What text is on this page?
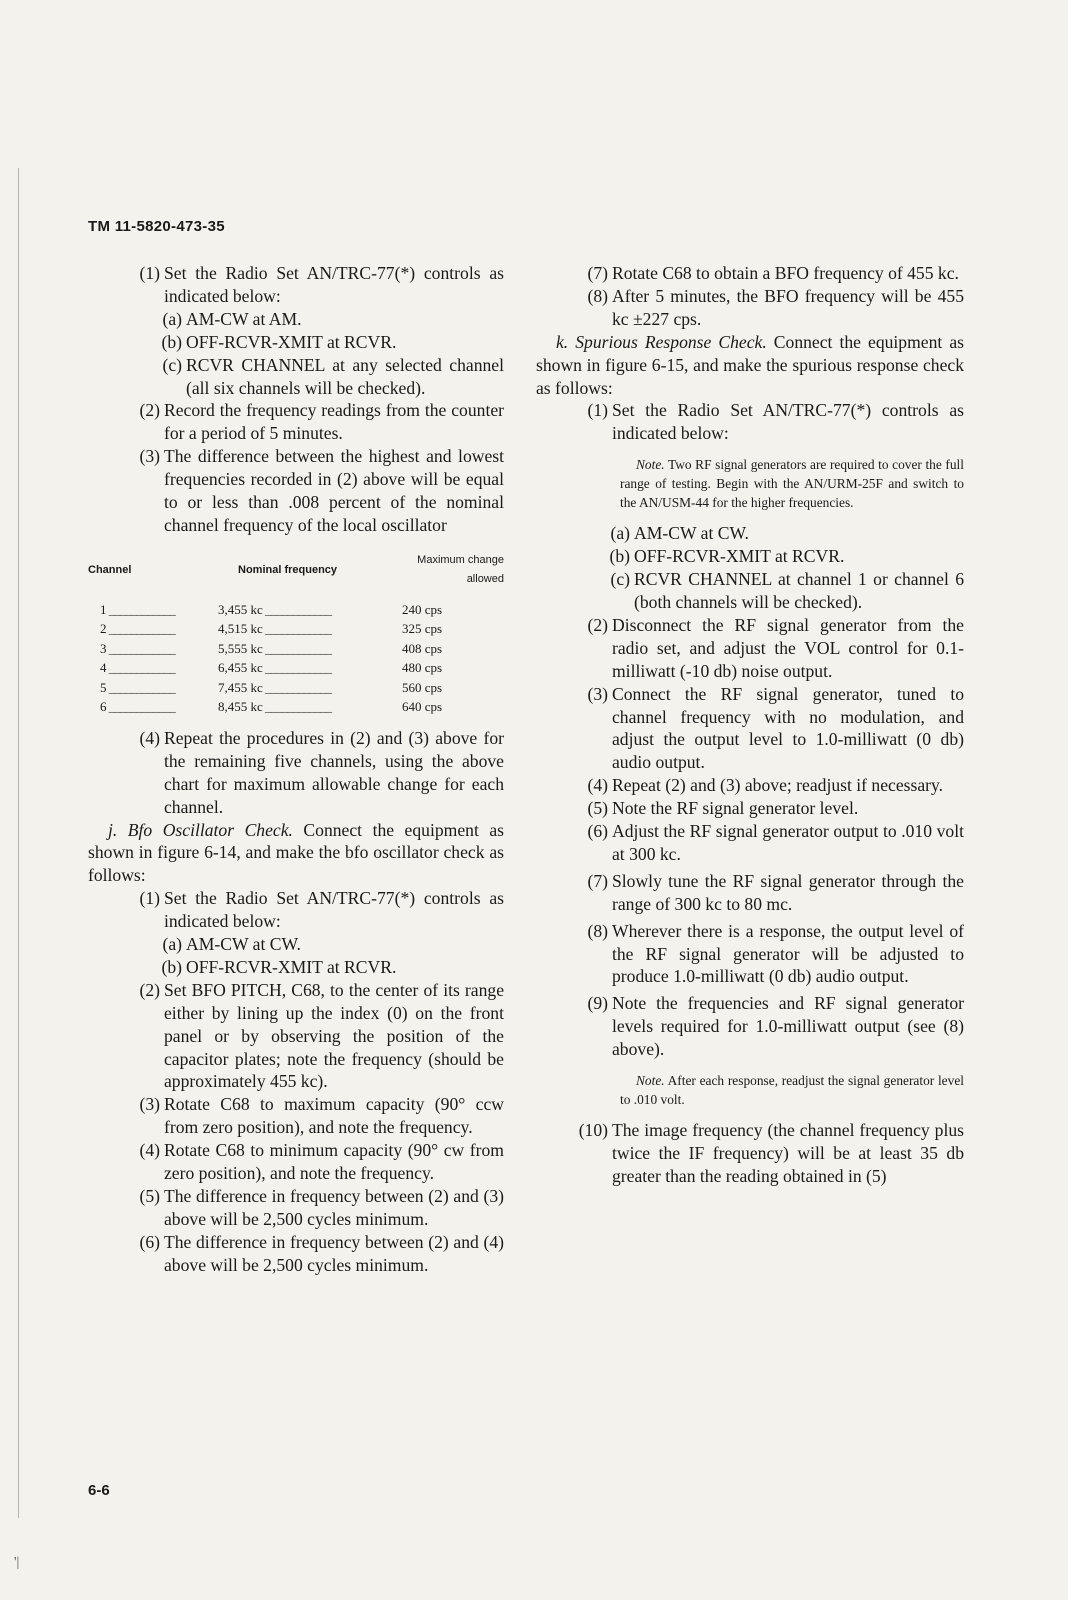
TM 11-5820-473-35
(1) Set the Radio Set AN/TRC-77(*) controls as indicated below:
(a) AM-CW at AM.
(b) OFF-RCVR-XMIT at RCVR.
(c) RCVR CHANNEL at any selected channel (all six channels will be checked).
(2) Record the frequency readings from the counter for a period of 5 minutes.
(3) The difference between the highest and lowest frequencies recorded in (2) above will be equal to or less than .008 percent of the nominal channel frequency of the local oscillator
Channel	Nominal frequency	Maximum change allowed
1 _____	3,455 kc _____	240 cps
2 _____	4,515 kc _____	325 cps
3 _____	5,555 kc _____	408 cps
4 _____	6,455 kc _____	480 cps
5 _____	7,455 kc _____	560 cps
6 _____	8,455 kc _____	640 cps
(4) Repeat the procedures in (2) and (3) above for the remaining five channels, using the above chart for maximum allowable change for each channel.

j. Bfo Oscillator Check. Connect the equipment as shown in figure 6-14, and make the bfo oscillator check as follows:

(1) Set the Radio Set AN/TRC-77(*) controls as indicated below:
(a) AM-CW at CW.
(b) OFF-RCVR-XMIT at RCVR.
(2) Set BFO PITCH, C68, to the center of its range either by lining up the index (0) on the front panel or by observing the position of the capacitor plates; note the frequency (should be approximately 455 kc).
(3) Rotate C68 to maximum capacity (90° ccw from zero position), and note the frequency.
(4) Rotate C68 to minimum capacity (90° cw from zero position), and note the frequency.
(5) The difference in frequency between (2) and (3) above will be 2,500 cycles minimum.
(6) The difference in frequency between (2) and (4) above will be 2,500 cycles minimum.
(7) Rotate C68 to obtain a BFO frequency of 455 kc.
(8) After 5 minutes, the BFO frequency will be 455 kc ±227 cps.

k. Spurious Response Check. Connect the equipment as shown in figure 6-15, and make the spurious response check as follows:

(1) Set the Radio Set AN/TRC-77(*) controls as indicated below:
Note. Two RF signal generators are required to cover the full range of testing. Begin with the AN/URM-25F and switch to the AN/USM-44 for the higher frequencies.
(a) AM-CW at CW.
(b) OFF-RCVR-XMIT at RCVR.
(c) RCVR CHANNEL at channel 1 or channel 6 (both channels will be checked).
(2) Disconnect the RF signal generator from the radio set, and adjust the VOL control for 0.1-milliwatt (-10 db) noise output.
(3) Connect the RF signal generator, tuned to channel frequency with no modulation, and adjust the output level to 1.0-milliwatt (0 db) audio output.
(4) Repeat (2) and (3) above; readjust if necessary.
(5) Note the RF signal generator level.
(6) Adjust the RF signal generator output to .010 volt at 300 kc.
(7) Slowly tune the RF signal generator through the range of 300 kc to 80 mc.
(8) Wherever there is a response, the output level of the RF signal generator will be adjusted to produce 1.0-milliwatt (0 db) audio output.
(9) Note the frequencies and RF signal generator levels required for 1.0-milliwatt output (see (8) above).
Note. After each response, readjust the signal generator level to .010 volt.
(10) The image frequency (the channel frequency plus twice the IF frequency) will be at least 35 db greater than the reading obtained in (5)
6-6
'|
